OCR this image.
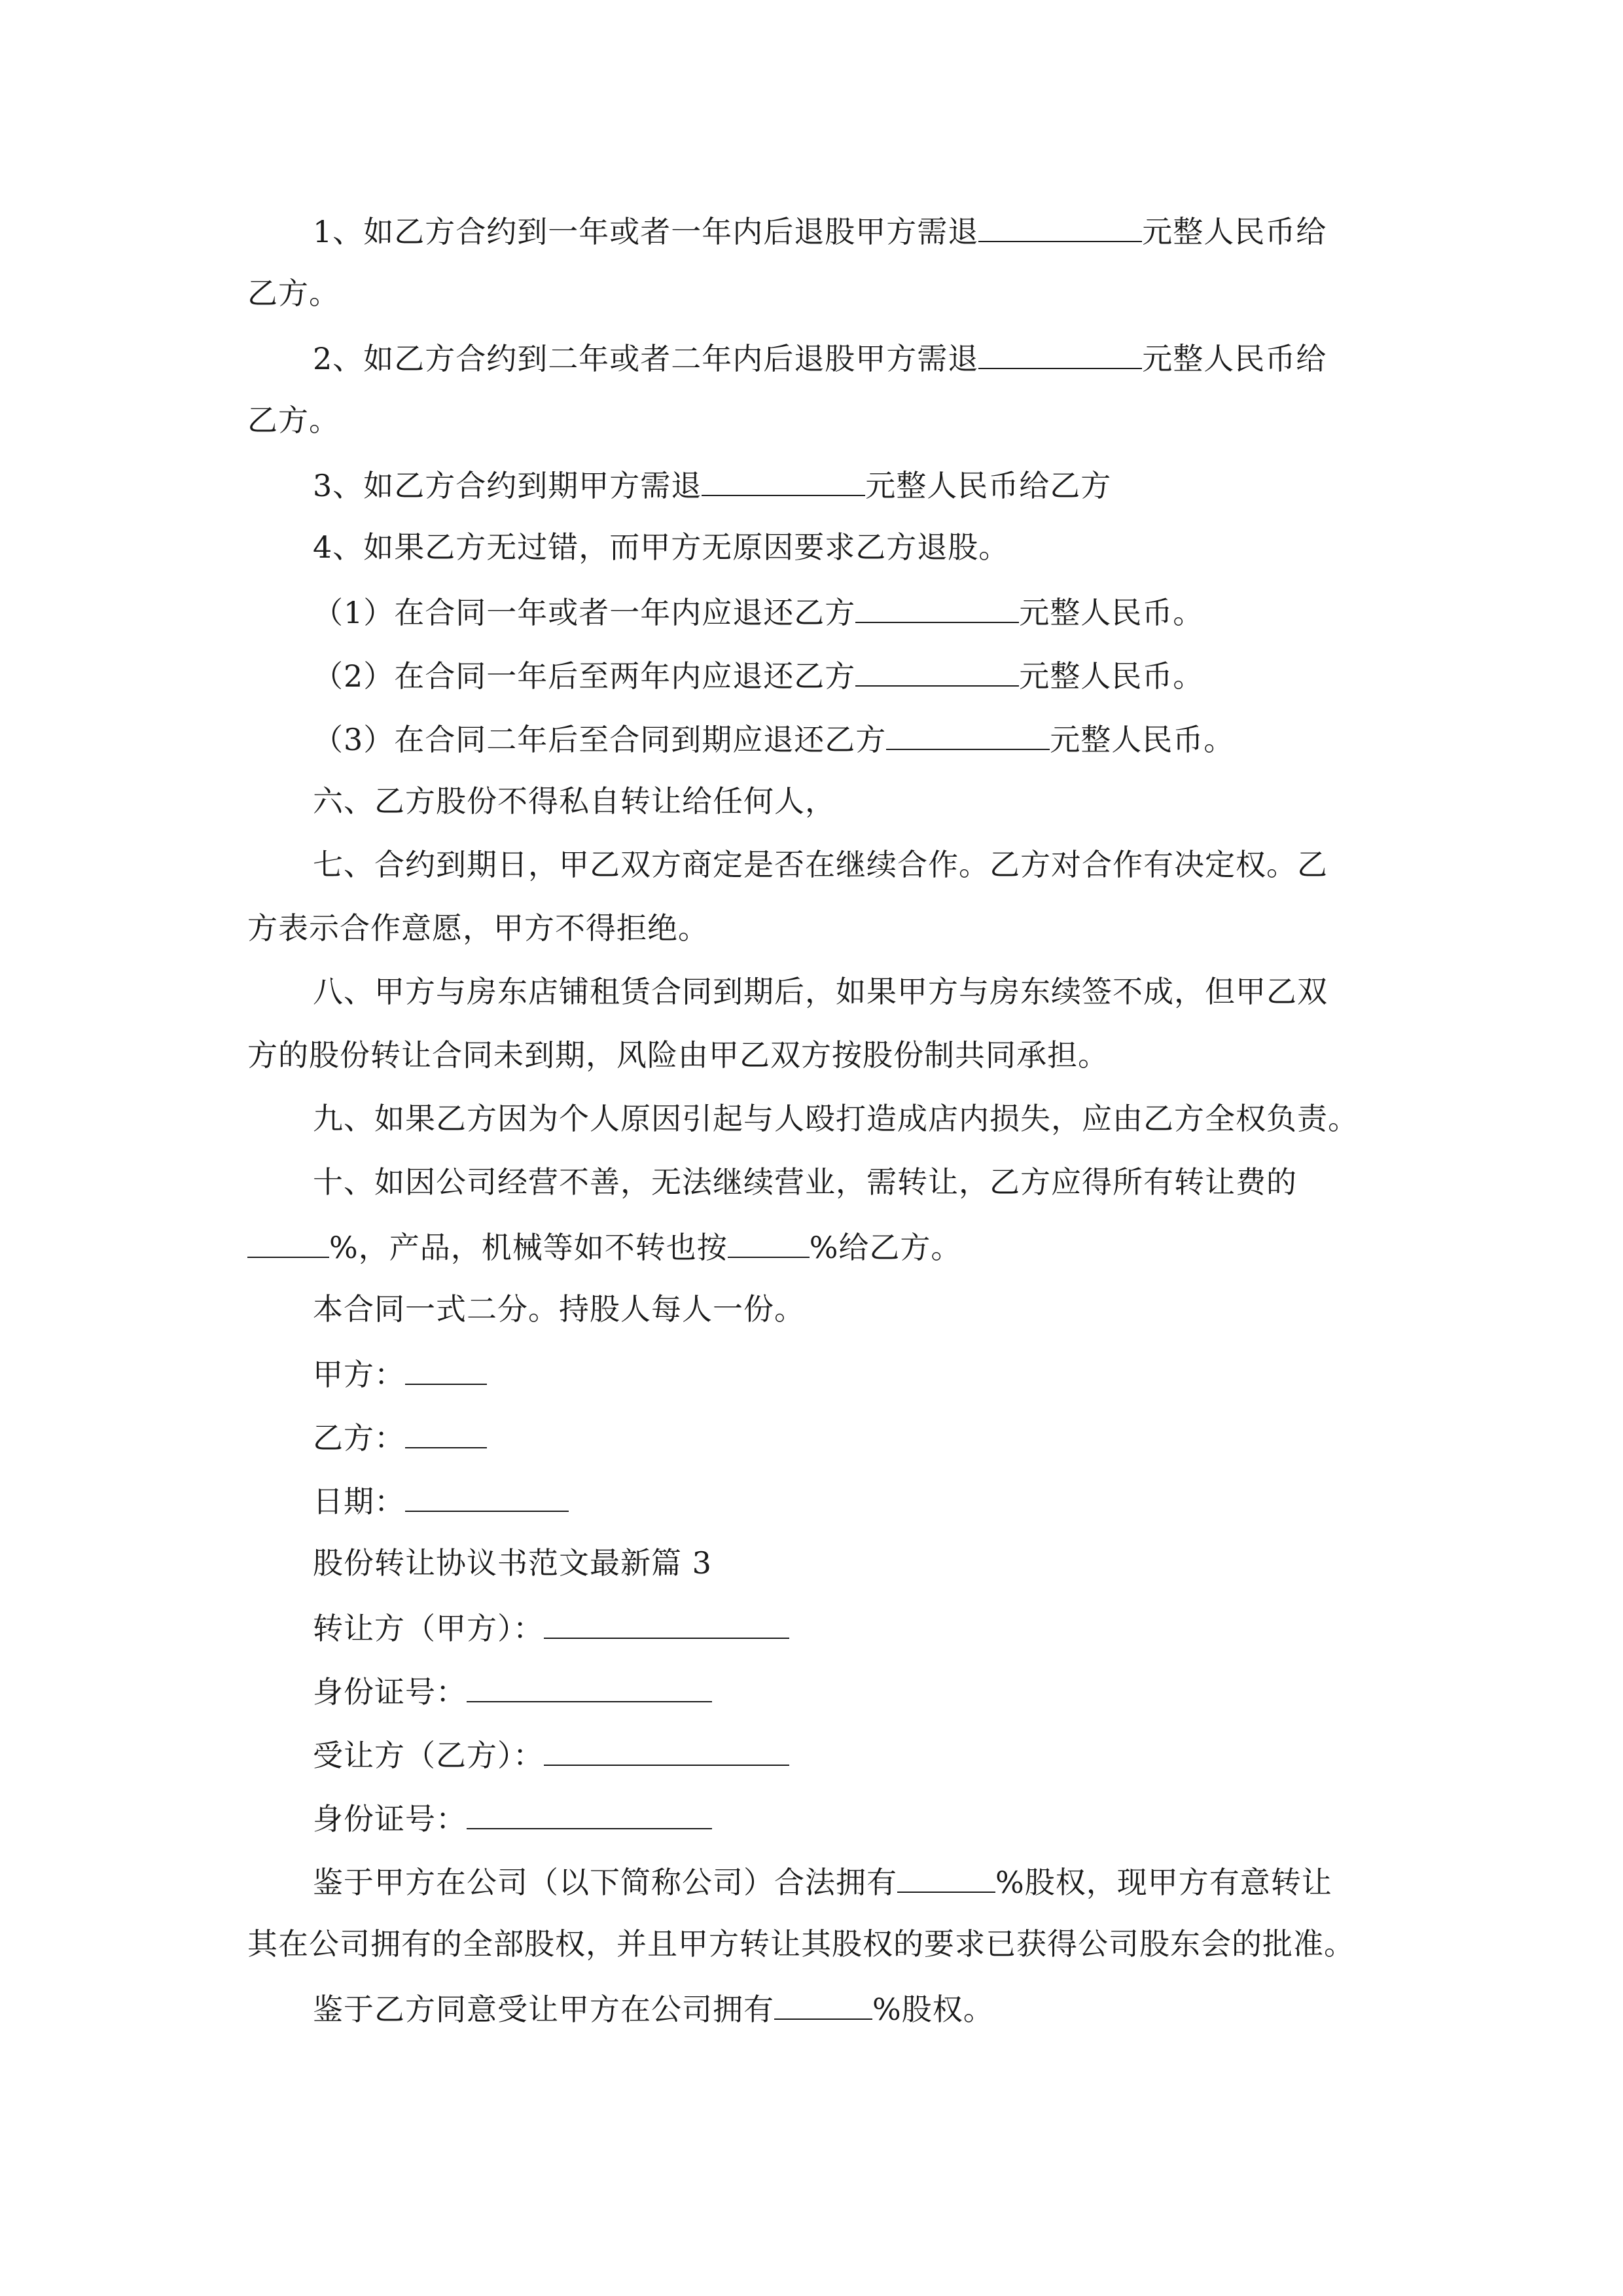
1、如乙方合约到一年或者一年内后退股甲方需退	元整人民币给
乙方。
2、如乙方合约到二年或者二年内后退股甲方需退	元整人民币给
乙方。
3、如乙方合约到期甲方需退	元整人民币给乙方
4、如果乙方无过错，而甲方无原因要求乙方退股。
（1）在合同一年或者一年内应退还乙方	元整人民币。
（2）在合同一年后至两年内应退还乙方	元整人民币。
（3）在合同二年后至合同到期应退还乙方	元整人民币。
六、乙方股份不得私自转让给任何人，
七、合约到期日，甲乙双方商定是否在继续合作。乙方对合作有决定权。乙
方表示合作意愿，甲方不得拒绝。
八、甲方与房东店铺租赁合同到期后，如果甲方与房东续签不成，但甲乙双
方的股份转让合同未到期，风险由甲乙双方按股份制共同承担。
九、如果乙方因为个人原因引起与人殴打造成店内损失，应由乙方全权负责。
十、如因公司经营不善，无法继续营业，需转让，乙方应得所有转让费的
%，产品，机械等如不转也按	%给乙方。
本合同一式二分。持股人每人一份。
甲方：
乙方：
日期：
股份转让协议书范文最新篇 3
转让方（甲方）：
身份证号：
受让方（乙方）：
身份证号：
鉴于甲方在公司（以下简称公司）合法拥有	%股权，现甲方有意转让
其在公司拥有的全部股权，并且甲方转让其股权的要求已获得公司股东会的批准。
鉴于乙方同意受让甲方在公司拥有	%股权。
